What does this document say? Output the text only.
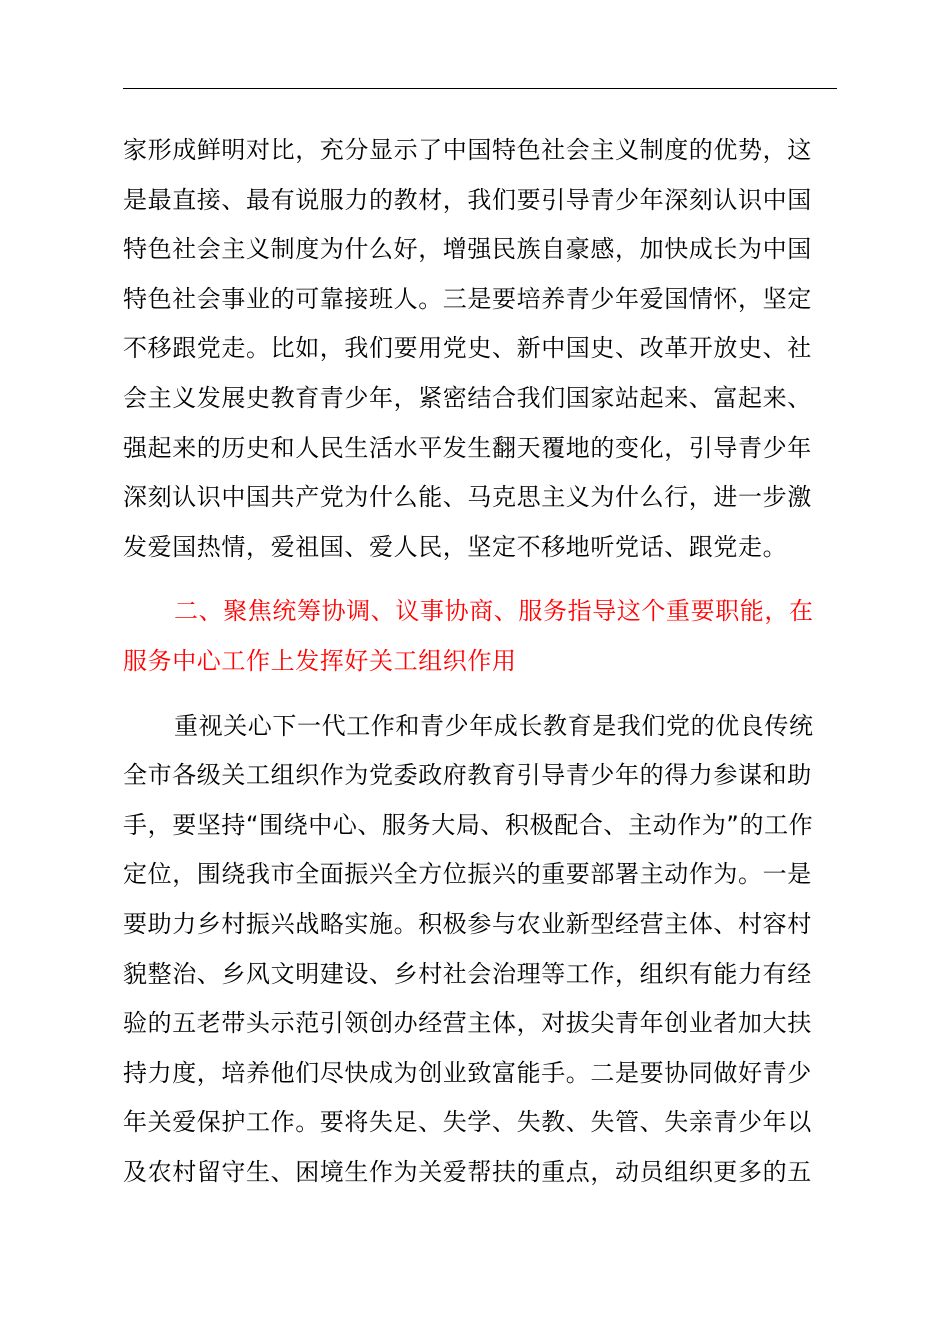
家形成鲜明对比，充分显示了中国特色社会主义制度的优势，这
是最直接、最有说服力的教材，我们要引导青少年深刻认识中国
特色社会主义制度为什么好，增强民族自豪感，加快成长为中国
特色社会事业的可靠接班人。三是要培养青少年爱国情怀，坚定
不移跟党走。比如，我们要用党史、新中国史、改革开放史、社
会主义发展史教育青少年，紧密结合我们国家站起来、富起来、
强起来的历史和人民生活水平发生翻天覆地的变化，引导青少年
深刻认识中国共产党为什么能、马克思主义为什么行，进一步激
发爱国热情，爱祖国、爱人民，坚定不移地听党话、跟党走。
二、聚焦统筹协调、议事协商、服务指导这个重要职能，在
服务中心工作上发挥好关工组织作用
重视关心下一代工作和青少年成长教育是我们党的优良传统
全市各级关工组织作为党委政府教育引导青少年的得力参谋和助
手，要坚持“围绕中心、服务大局、积极配合、主动作为”的工作
定位，围绕我市全面振兴全方位振兴的重要部署主动作为。一是
要助力乡村振兴战略实施。积极参与农业新型经营主体、村容村
貌整治、乡风文明建设、乡村社会治理等工作，组织有能力有经
验的五老带头示范引领创办经营主体，对拔尖青年创业者加大扶
持力度，培养他们尽快成为创业致富能手。二是要协同做好青少
年关爱保护工作。要将失足、失学、失教、失管、失亲青少年以
及农村留守生、困境生作为关爱帮扶的重点，动员组织更多的五
